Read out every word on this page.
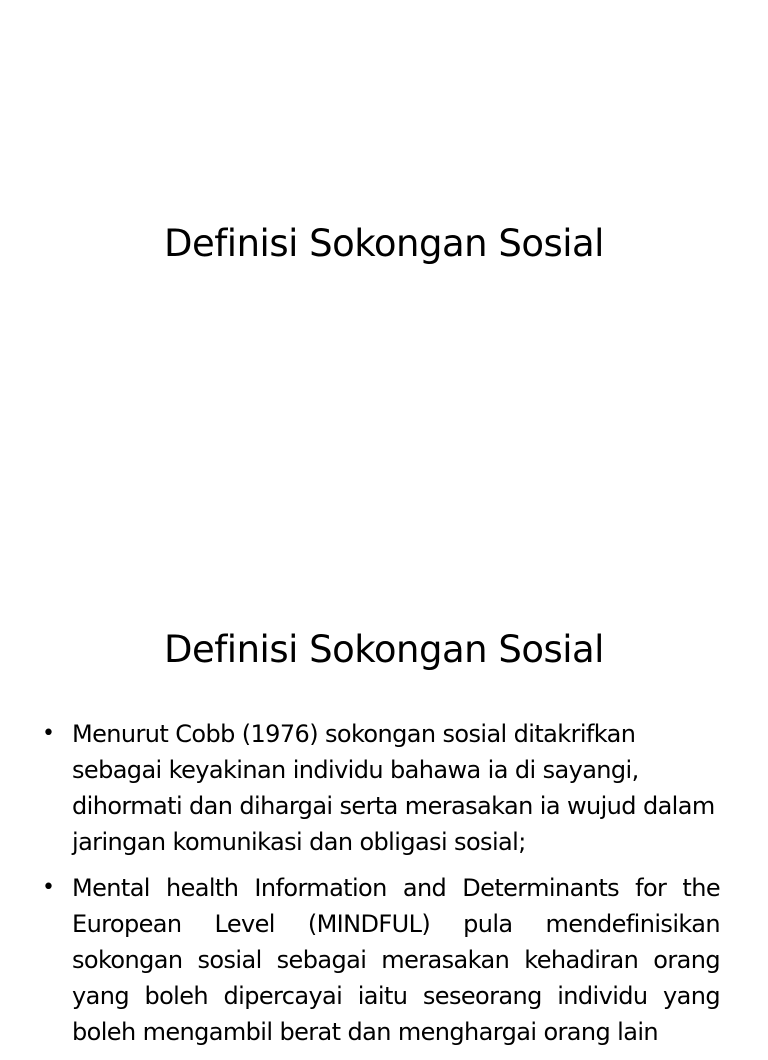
Definisi Sokongan Sosial
Definisi Sokongan Sosial
• Menurut Cobb (1976) sokongan sosial ditakrifkan sebagai keyakinan individu bahawa ia di sayangi, dihormati dan dihargai serta merasakan ia wujud dalam jaringan komunikasi dan obligasi sosial;
• Mental health Information and Determinants for the European Level (MINDFUL) pula mendefinisikan sokongan sosial sebagai merasakan kehadiran orang yang boleh dipercayai iaitu seseorang individu yang boleh mengambil berat dan menghargai orang lain
